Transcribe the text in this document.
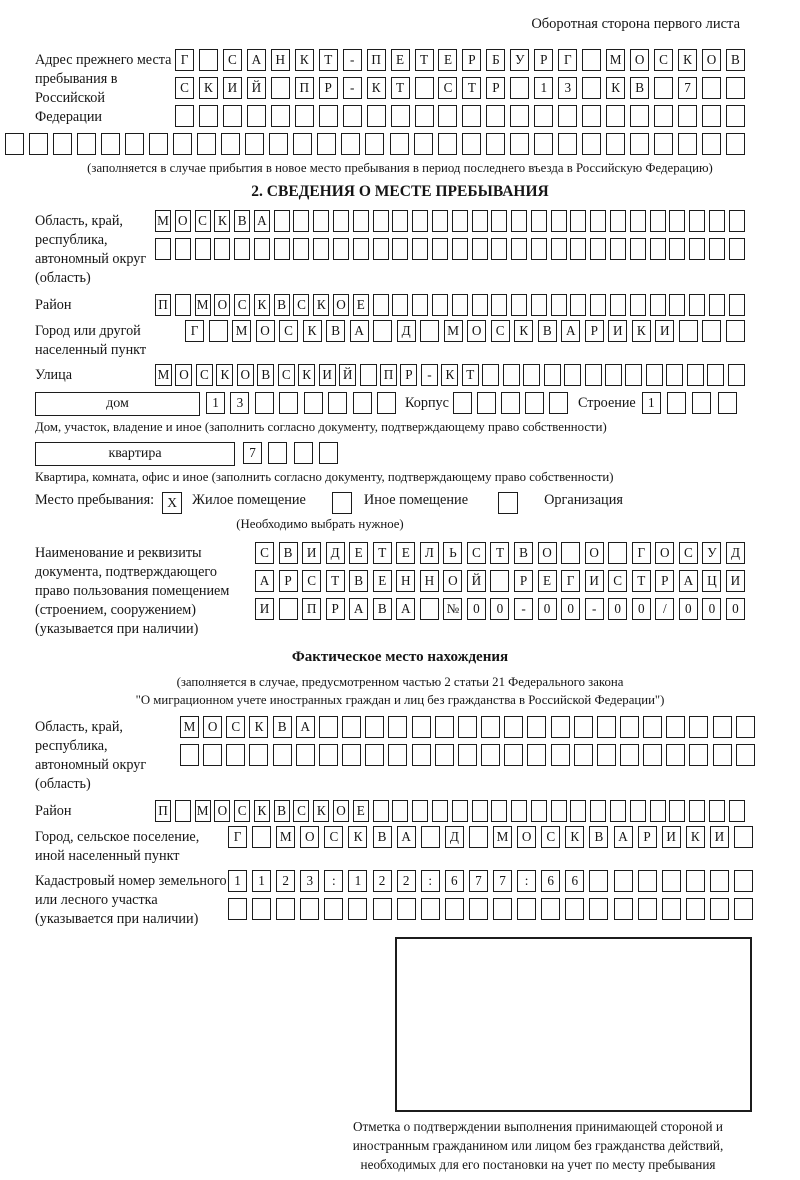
Оборотная сторона первого листа
Адрес прежнего места пребывания в Российской Федерации
Г	С	А	Н	К	Т	-	П	Е	Т	Е	Р	Б	У	Р	Г	М	О	С	К	О	В
С	К	И	Й	П	Р	-	К	Т	С	Т	Р	1	3	К	В	7
(заполняется в случае прибытия в новое место пребывания в период последнего въезда в Российскую Федерацию)
2. СВЕДЕНИЯ О МЕСТЕ ПРЕБЫВАНИЯ
Область, край, республика, автономный округ (область)
М О С К В А
Район	П М О С К В С К О Е
Город или другой населенный пункт
Г	М О	С	К	В	А	Д	М О	С	К	В	А	Р	И	К	И
Улица	М О С К О В С К И Й П Р	-	К Т
дом	1	3	Корпус	Строение 1
Дом, участок, владение и иное (заполнить согласно документу, подтверждающему право собственности)
квартира	7
Квартира, комната, офис и иное (заполнить согласно документу, подтверждающему право собственности)
Место пребывания: X	Жилое помещение	Иное помещение	Организация
(Необходимо выбрать нужное)
Наименование и реквизиты документа, подтверждающего право пользования помещением (строением, сооружением) (указывается при наличии)
С	В	И	Д	Е	Т	Е	Л	Ь	С	Т	В	О	О	Г	О	С	У	Д
А	Р	С	Т	В	Е	Н	Н	О	Й	Р	Е	Г	И	С	Т	Р	А	Ц	И
И	П	Р	А	В	А	№	0	0	-	0	0	-	0	0	/	0	0	0
Фактическое место нахождения
(заполняется в случае, предусмотренном частью 2 статьи 21 Федерального закона
"О миграционном учете иностранных граждан и лиц без гражданства в Российской Федерации")
Область, край, республика, автономный округ (область)
М О	С	К	В	А
Район	П М О С К В С К О Е
Город, сельское поселение, иной населенный пункт
Г	М	О	С	К	В	А	Д	М	О	С	К	В	А	Р	И	К	И
Кадастровый номер земельного или лесного участка (указывается при наличии)
1	1	2	3	:	1	2	2	:	6	7	7	:	6	6
Отметка о подтверждении выполнения принимающей стороной и иностранным гражданином или лицом без гражданства действий, необходимых для его постановки на учет по месту пребывания
